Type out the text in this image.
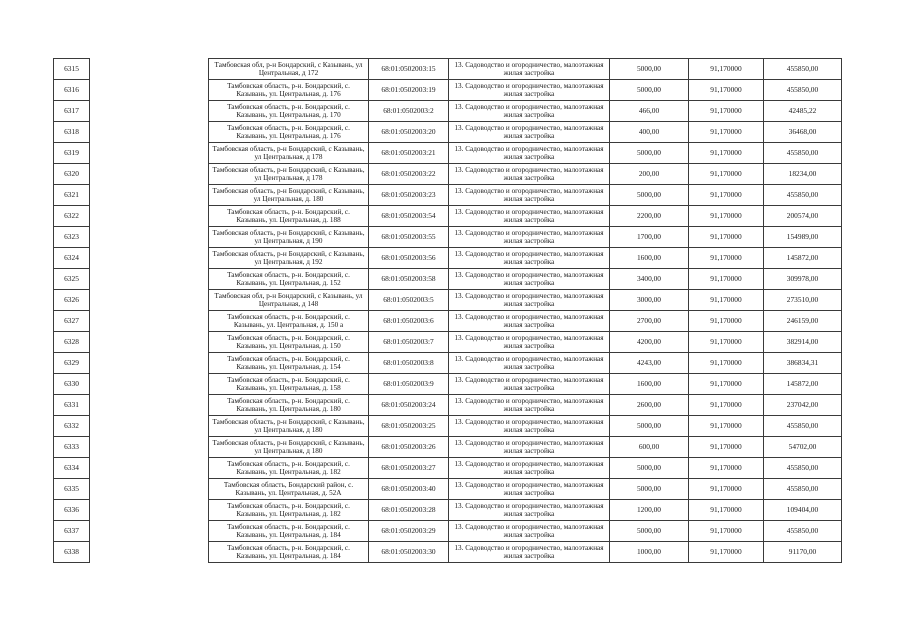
6315		Тамбовская обл, р-н Бондарский, с Казывань, ул Центральная, д 172	68:01:0502003:15	13. Садоводство и огородничество, малоэтажная жилая застройка	5000,00	91,170000	455850,00
6316		Тамбовская область, р-н. Бондарский, с. Казывань, ул. Центральная, д. 176	68:01:0502003:19	13. Садоводство и огородничество, малоэтажная жилая застройка	5000,00	91,170000	455850,00
6317		Тамбовская область, р-н. Бондарский, с. Казывань, ул. Центральная, д. 170	68:01:0502003:2	13. Садоводство и огородничество, малоэтажная жилая застройка	466,00	91,170000	42485,22
6318		Тамбовская область, р-н. Бондарский, с. Казывань, ул. Центральная, д. 176	68:01:0502003:20	13. Садоводство и огородничество, малоэтажная жилая застройка	400,00	91,170000	36468,00
6319		Тамбовская область, р-н Бондарский, с Казывань, ул Центральная, д 178	68:01:0502003:21	13. Садоводство и огородничество, малоэтажная жилая застройка	5000,00	91,170000	455850,00
6320		Тамбовская область, р-н Бондарский, с Казывань, ул Центральная, д 178	68:01:0502003:22	13. Садоводство и огородничество, малоэтажная жилая застройка	200,00	91,170000	18234,00
6321		Тамбовская область, р-н Бондарский, с Казывань, ул Центральная, д. 180	68:01:0502003:23	13. Садоводство и огородничество, малоэтажная жилая застройка	5000,00	91,170000	455850,00
6322		Тамбовская область, р-н. Бондарский, с. Казывань, ул. Центральная, д. 188	68:01:0502003:54	13. Садоводство и огородничество, малоэтажная жилая застройка	2200,00	91,170000	200574,00
6323		Тамбовская область, р-н Бондарский, с Казывань, ул Центральная, д 190	68:01:0502003:55	13. Садоводство и огородничество, малоэтажная жилая застройка	1700,00	91,170000	154989,00
6324		Тамбовская область, р-н Бондарский, с Казывань, ул Центральная, д 192	68:01:0502003:56	13. Садоводство и огородничество, малоэтажная жилая застройка	1600,00	91,170000	145872,00
6325		Тамбовская область, р-н. Бондарский, с. Казывань, ул. Центральная, д. 152	68:01:0502003:58	13. Садоводство и огородничество, малоэтажная жилая застройка	3400,00	91,170000	309978,00
6326		Тамбовская обл, р-н Бондарский, с Казывань, ул Центральная, д 148	68:01:0502003:5	13. Садоводство и огородничество, малоэтажная жилая застройка	3000,00	91,170000	273510,00
6327		Тамбовская область, р-н. Бондарский, с. Казывань, ул. Центральная, д. 150 а	68:01:0502003:6	13. Садоводство и огородничество, малоэтажная жилая застройка	2700,00	91,170000	246159,00
6328		Тамбовская область, р-н. Бондарский, с. Казывань, ул. Центральная, д. 150	68:01:0502003:7	13. Садоводство и огородничество, малоэтажная жилая застройка	4200,00	91,170000	382914,00
6329		Тамбовская область, р-н. Бондарский, с. Казывань, ул. Центральная, д. 154	68:01:0502003:8	13. Садоводство и огородничество, малоэтажная жилая застройка	4243,00	91,170000	386834,31
6330		Тамбовская область, р-н. Бондарский, с. Казывань, ул. Центральная, д. 158	68:01:0502003:9	13. Садоводство и огородничество, малоэтажная жилая застройка	1600,00	91,170000	145872,00
6331		Тамбовская область, р-н. Бондарский, с. Казывань, ул. Центральная, д. 180	68:01:0502003:24	13. Садоводство и огородничество, малоэтажная жилая застройка	2600,00	91,170000	237042,00
6332		Тамбовская область, р-н Бондарский, с Казывань, ул Центральная, д 180	68:01:0502003:25	13. Садоводство и огородничество, малоэтажная жилая застройка	5000,00	91,170000	455850,00
6333		Тамбовская область, р-н Бондарский, с Казывань, ул Центральная, д 180	68:01:0502003:26	13. Садоводство и огородничество, малоэтажная жилая застройка	600,00	91,170000	54702,00
6334		Тамбовская область, р-н. Бондарский, с. Казывань, ул. Центральная, д. 182	68:01:0502003:27	13. Садоводство и огородничество, малоэтажная жилая застройка	5000,00	91,170000	455850,00
6335		Тамбовская область, Бондарский район, с. Казывань, ул. Центральная, д. 52А	68:01:0502003:40	13. Садоводство и огородничество, малоэтажная жилая застройка	5000,00	91,170000	455850,00
6336		Тамбовская область, р-н. Бондарский, с. Казывань, ул. Центральная, д. 182	68:01:0502003:28	13. Садоводство и огородничество, малоэтажная жилая застройка	1200,00	91,170000	109404,00
6337		Тамбовская область, р-н. Бондарский, с. Казывань, ул. Центральная, д. 184	68:01:0502003:29	13. Садоводство и огородничество, малоэтажная жилая застройка	5000,00	91,170000	455850,00
6338		Тамбовская область, р-н. Бондарский, с. Казывань, ул. Центральная, д. 184	68:01:0502003:30	13. Садоводство и огородничество, малоэтажная жилая застройка	1000,00	91,170000	91170,00
